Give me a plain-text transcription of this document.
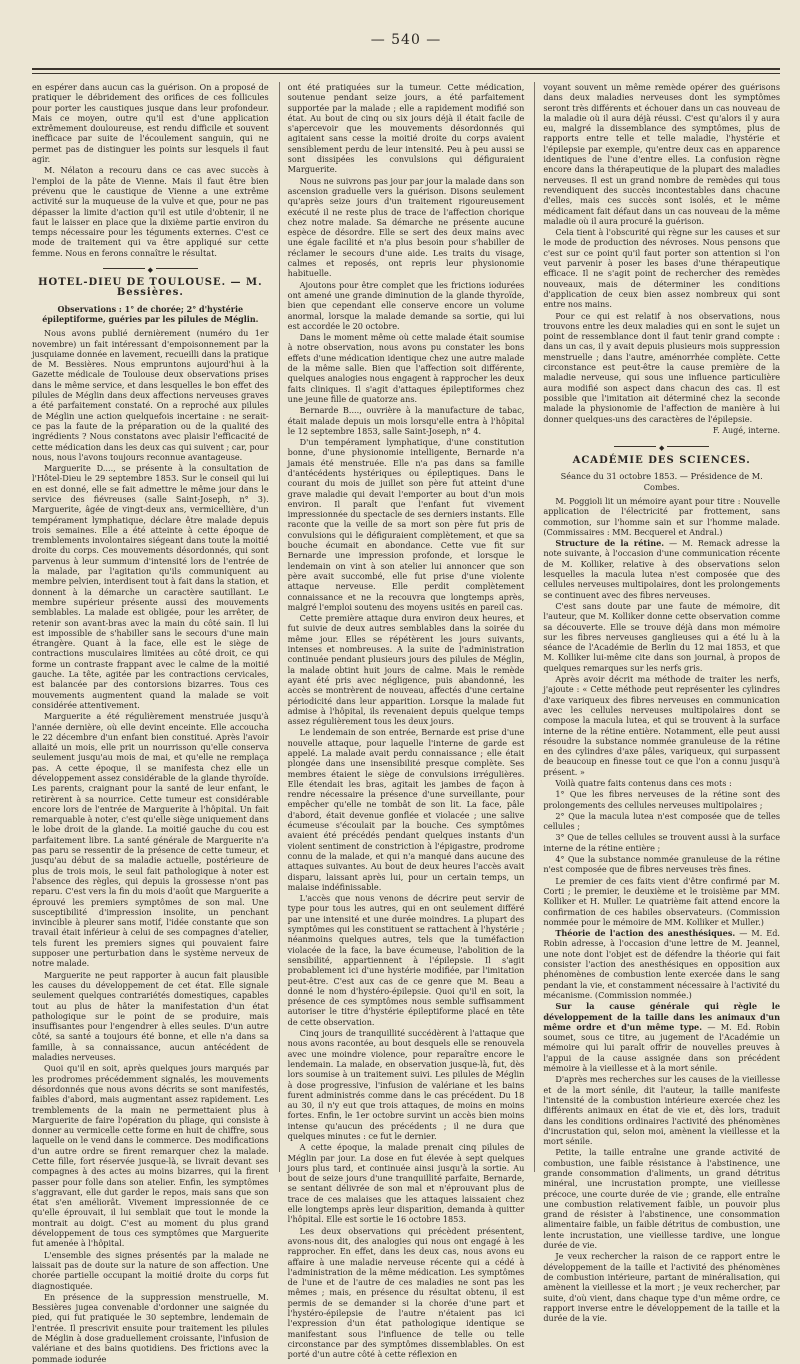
— 540 —

en espérer dans aucun cas la guérison. On a proposé de pratiquer le débridement des orifices de ces follicules pour porter les caustiques jusque dans leur profondeur. Mais ce moyen, outre qu'il est d'une application extrêmement douloureuse, est rendu difficile et souvent inefficace par suite de l'écoulement sanguin, qui ne permet pas de distinguer les points sur lesquels il faut agir.

M. Nélaton a recouru dans ce cas avec succès à l'emploi de la pâte de Vienne. Mais il faut être bien prévenu que le caustique de Vienne a une extrême activité sur la muqueuse de la vulve et que, pour ne pas dépasser la limite d'action qu'il est utile d'obtenir, il ne faut le laisser en place que la dixième partie environ du temps nécessaire pour les téguments externes. C'est ce mode de traitement qui va être appliqué sur cette femme. Nous en ferons connaître le résultat.

◆
HOTEL-DIEU DE TOULOUSE. — M. Bessières.
Observations : 1° de chorée; 2° d'hystérie épileptiforme, guéries par les pilules de Méglin.

Nous avons publié dernièrement (numéro du 1er novembre) un fait intéressant d'empoisonnement par la jusquiame donnée en lavement, recueilli dans la pratique de M. Bessières. Nous empruntons aujourd'hui à la Gazette médicale de Toulouse deux observations prises dans le même service, et dans lesquelles le bon effet des pilules de Méglin dans deux affections nerveuses graves a été parfaitement constaté. On a reproché aux pilules de Méglin une action quelquefois incertaine : ne serait-ce pas la faute de la préparation ou de la qualité des ingrédients ? Nous constatons avec plaisir l'efficacité de cette médication dans les deux cas qui suivent ; car, pour nous, nous l'avons toujours reconnue avantageuse.

Marguerite D...., se présente à la consultation de l'Hôtel-Dieu le 29 septembre 1853. Sur le conseil qui lui en est donné, elle se fait admettre le même jour dans le service des fiévreuses (salle Saint-Joseph, n° 3). Marguerite, âgée de vingt-deux ans, vermicellière, d'un tempérament lymphatique, déclare être malade depuis trois semaines. Elle a été atteinte à cette époque de tremblements involontaires siégeant dans toute la moitié droite du corps. Ces mouvements désordonnés, qui sont parvenus à leur summum d'intensité lors de l'entrée de la malade, par l'agitation qu'ils communiquent au membre pelvien, interdisent tout à fait dans la station, et donnent à la démarche un caractère sautillant. Le membre supérieur présente aussi des mouvements semblables. La malade est obligée, pour les arrêter, de retenir son avant-bras avec la main du côté sain. Il lui est impossible de s'habiller sans le secours d'une main étrangère. Quant à la face, elle est le siège de contractions musculaires limitées au côté droit, ce qui forme un contraste frappant avec le calme de la moitié gauche. La tête, agitée par les contractions cervicales, est balancée par des contorsions bizarres. Tous ces mouvements augmentent quand la malade se voit considérée attentivement.

Marguerite a été régulièrement menstruée jusqu'à l'année dernière, où elle devint enceinte. Elle accoucha le 22 décembre d'un enfant bien constitué. Après l'avoir allaité un mois, elle prit un nourrisson qu'elle conserva seulement jusqu'au mois de mai, et qu'elle ne remplaça pas. A cette époque, il se manifesta chez elle un développement assez considérable de la glande thyroïde. Les parents, craignant pour la santé de leur enfant, le retirèrent à sa nourrice. Cette tumeur est considérable encore lors de l'entrée de Marguerite à l'hôpital. Un fait remarquable à noter, c'est qu'elle siège uniquement dans le lobe droit de la glande. La moitié gauche du cou est parfaitement libre. La santé générale de Marguerite n'a pas paru se ressentir de la présence de cette tumeur, et jusqu'au début de sa maladie actuelle, postérieure de plus de trois mois, le seul fait pathologique à noter est l'absence des règles, qui depuis la grossesse n'ont pas reparu. C'est vers la fin du mois d'août que Marguerite a éprouvé les premiers symptômes de son mal. Une susceptibilité d'impression insolite, un penchant invincible à pleurer sans motif, l'idée constante que son travail était inférieur à celui de ses compagnes d'atelier, tels furent les premiers signes qui pouvaient faire supposer une perturbation dans le système nerveux de notre malade.

Marguerite ne peut rapporter à aucun fait plausible les causes du développement de cet état. Elle signale seulement quelques contrariétés domestiques, capables tout au plus de hâter la manifestation d'un état pathologique sur le point de se produire, mais insuffisantes pour l'engendrer à elles seules. D'un autre côté, sa santé a toujours été bonne, et elle n'a dans sa famille, à sa connaissance, aucun antécédent de maladies nerveuses.

Quoi qu'il en soit, après quelques jours marqués par les prodromes précédemment signalés, les mouvements désordonnés que nous avons décrits se sont manifestés, faibles d'abord, mais augmentant assez rapidement. Les tremblements de la main ne permettaient plus à Marguerite de faire l'opération du pliage, qui consiste à donner au vermicelle cette forme en huit de chiffre, sous laquelle on le vend dans le commerce. Des modifications d'un autre ordre se firent remarquer chez la malade. Cette fille, fort réservée jusque-là, se livrait devant ses compagnes à des actes au moins bizarres, qui la firent passer pour folle dans son atelier. Enfin, les symptômes s'aggravant, elle dut garder le repos, mais sans que son état s'en améliorât. Vivement impressionnée de ce qu'elle éprouvait, il lui semblait que tout le monde la montrait au doigt. C'est au moment du plus grand développement de tous ces symptômes que Marguerite fut amenée à l'hôpital.

L'ensemble des signes présentés par la malade ne laissait pas de doute sur la nature de son affection. Une chorée partielle occupant la moitié droite du corps fut diagnostiquée.

En présence de la suppression menstruelle, M. Bessières jugea convenable d'ordonner une saignée du pied, qui fut pratiquée le 30 septembre, lendemain de l'entrée. Il prescrivit ensuite pour traitement les pilules de Méglin à dose graduellement croissante, l'infusion de valériane et des bains quotidiens. Des frictions avec la pommade iodurée

ont été pratiquées sur la tumeur. Cette médication, soutenue pendant seize jours, a été parfaitement supportée par la malade ; elle a rapidement modifié son état. Au bout de cinq ou six jours déjà il était facile de s'apercevoir que les mouvements désordonnés qui agitaient sans cesse la moitié droite du corps avaient sensiblement perdu de leur intensité. Peu à peu aussi se sont dissipées les convulsions qui défiguraient Marguerite.

Nous ne suivrons pas jour par jour la malade dans son ascension graduelle vers la guérison. Disons seulement qu'après seize jours d'un traitement rigoureusement exécuté il ne reste plus de trace de l'affection chorique chez notre malade. Sa démarche ne présente aucune espèce de désordre. Elle se sert des deux mains avec une égale facilité et n'a plus besoin pour s'habiller de réclamer le secours d'une aide. Les traits du visage, calmes et reposés, ont repris leur physionomie habituelle.

Ajoutons pour être complet que les frictions iodurées ont amené une grande diminution de la glande thyroïde, bien que cependant elle conserve encore un volume anormal, lorsque la malade demande sa sortie, qui lui est accordée le 20 octobre.

Dans le moment même où cette malade était soumise à notre observation, nous avons pu constater les bons effets d'une médication identique chez une autre malade de la même salle. Bien que l'affection soit différente, quelques analogies nous engagent à rapprocher les deux faits cliniques. Il s'agit d'attaques épileptiformes chez une jeune fille de quatorze ans.

Bernarde B...., ouvrière à la manufacture de tabac, était malade depuis un mois lorsqu'elle entra à l'hôpital le 12 septembre 1853, salle Saint-Joseph, n° 4.

D'un tempérament lymphatique, d'une constitution bonne, d'une physionomie intelligente, Bernarde n'a jamais été menstruée. Elle n'a pas dans sa famille d'antécédents hystériques ou épileptiques. Dans le courant du mois de juillet son père fut atteint d'une grave maladie qui devait l'emporter au bout d'un mois environ. Il paraît que l'enfant fut vivement impressionnée du spectacle de ses derniers instants. Elle raconte que la veille de sa mort son père fut pris de convulsions qui le défiguraient complètement, et que sa bouche écumait en abondance. Cette vue fit sur Bernarde une impression profonde, et lorsque le lendemain on vint à son atelier lui annoncer que son père avait succombé, elle fut prise d'une violente attaque nerveuse. Elle perdit complètement connaissance et ne la recouvra que longtemps après, malgré l'emploi soutenu des moyens usités en pareil cas.

Cette première attaque dura environ deux heures, et fut suivie de deux autres semblables dans la soirée du même jour. Elles se répétèrent les jours suivants, intenses et nombreuses. A la suite de l'administration continuée pendant plusieurs jours des pilules de Méglin, la malade obtint huit jours de calme. Mais le remède ayant été pris avec négligence, puis abandonné, les accès se montrèrent de nouveau, affectés d'une certaine périodicité dans leur apparition. Lorsque la malade fut admise à l'hôpital, ils revenaient depuis quelque temps assez régulièrement tous les deux jours.

Le lendemain de son entrée, Bernarde est prise d'une nouvelle attaque, pour laquelle l'interne de garde est appelé. La malade avait perdu connaissance ; elle était plongée dans une insensibilité presque complète. Ses membres étaient le siège de convulsions irrégulières. Elle étendait les bras, agitait les jambes de façon à rendre nécessaire la présence d'une surveillante, pour empêcher qu'elle ne tombât de son lit. La face, pâle d'abord, était devenue gonflée et violacée ; une salive écumeuse s'écoulait par la bouche. Ces symptômes avaient été précédés pendant quelques instants d'un violent sentiment de constriction à l'épigastre, prodrome connu de la malade, et qui n'a manqué dans aucune des attaques suivantes. Au bout de deux heures l'accès avait disparu, laissant après lui, pour un certain temps, un malaise indéfinissable.

L'accès que nous venons de décrire peut servir de type pour tous les autres, qui en ont seulement différé par une intensité et une durée moindres. La plupart des symptômes qui les constituent se rattachent à l'hystérie ; néanmoins quelques autres, tels que la tuméfaction violacée de la face, la bave écumeuse, l'abolition de la sensibilité, appartiennent à l'épilepsie. Il s'agit probablement ici d'une hystérie modifiée, par l'imitation peut-être. C'est aux cas de ce genre que M. Beau a donné le nom d'hystéro-épilepsie. Quoi qu'il en soit, la présence de ces symptômes nous semble suffisamment autoriser le titre d'hystérie épileptiforme placé en tête de cette observation.

Cinq jours de tranquillité succédèrent à l'attaque que nous avons racontée, au bout desquels elle se renouvela avec une moindre violence, pour reparaître encore le lendemain. La malade, en observation jusque-là, fut, dès lors soumise à un traitement suivi. Les pilules de Méglin à dose progressive, l'infusion de valériane et les bains furent administrés comme dans le cas précédent. Du 18 au 30, il n'y eut que trois attaques, de moins en moins fortes. Enfin, le 1er octobre survint un accès bien moins intense qu'aucun des précédents ; il ne dura que quelques minutes : ce fut le dernier.

A cette époque, la malade prenait cinq pilules de Méglin par jour. La dose en fut élevée à sept quelques jours plus tard, et continuée ainsi jusqu'à la sortie. Au bout de seize jours d'une tranquillité parfaite, Bernarde, se sentant délivrée de son mal et n'éprouvant plus de trace de ces malaises que les attaques laissaient chez elle longtemps après leur disparition, demanda à quitter l'hôpital. Elle est sortie le 16 octobre 1853.

Les deux observations qui précèdent présentent, avons-nous dit, des analogies qui nous ont engagé à les rapprocher. En effet, dans les deux cas, nous avons eu affaire à une maladie nerveuse récente qui a cédé à l'administration de la même médication. Les symptômes de l'une et de l'autre de ces maladies ne sont pas les mêmes ; mais, en présence du résultat obtenu, il est permis de se demander si la chorée d'une part et l'hystéro-épilepsie de l'autre n'étaient pas ici l'expression d'un état pathologique identique se manifestant sous l'influence de telle ou telle circonstance par des symptômes dissemblables. On est porté d'un autre côté à cette réflexion en

voyant souvent un même remède opérer des guérisons dans deux maladies nerveuses dont les symptômes seront très différents et échouer dans un cas nouveau de la maladie où il aura déjà réussi. C'est qu'alors il y aura eu, malgré la dissemblance des symptômes, plus de rapports entre telle et telle maladie, l'hystérie et l'épilepsie par exemple, qu'entre deux cas en apparence identiques de l'une d'entre elles. La confusion règne encore dans la thérapeutique de la plupart des maladies nerveuses. Il est un grand nombre de remèdes qui tous revendiquent des succès incontestables dans chacune d'elles, mais ces succès sont isolés, et le même médicament fait défaut dans un cas nouveau de la même maladie où il aura procuré la guérison.

Cela tient à l'obscurité qui règne sur les causes et sur le mode de production des névroses. Nous pensons que c'est sur ce point qu'il faut porter son attention si l'on veut parvenir à poser les bases d'une thérapeutique efficace. Il ne s'agit point de rechercher des remèdes nouveaux, mais de déterminer les conditions d'application de ceux bien assez nombreux qui sont entre nos mains.

Pour ce qui est relatif à nos observations, nous trouvons entre les deux maladies qui en sont le sujet un point de ressemblance dont il faut tenir grand compte : dans un cas, il y avait depuis plusieurs mois suppression menstruelle ; dans l'autre, aménorrhée complète. Cette circonstance est peut-être la cause première de la maladie nerveuse, qui sous une influence particulière aura modifié son aspect dans chacun des cas. Il est possible que l'imitation ait déterminé chez la seconde malade la physionomie de l'affection de manière à lui donner quelques-uns des caractères de l'épilepsie.

F. Augé, interne.
◆
ACADÉMIE DES SCIENCES.
Séance du 31 octobre 1853. — Présidence de M. Combes.

M. Poggioli lit un mémoire ayant pour titre : Nouvelle application de l'électricité par frottement, sans commotion, sur l'homme sain et sur l'homme malade. (Commissaires : MM. Becquerel et Andral.)

Structure de la rétine. — M. Remack adresse la note suivante, à l'occasion d'une communication récente de M. Kolliker, relative à des observations selon lesquelles la macula lutea n'est composée que des cellules nerveuses multipolaires, dont les prolongements se continuent avec des fibres nerveuses.

C'est sans doute par une faute de mémoire, dit l'auteur, que M. Kolliker donne cette observation comme sa découverte. Elle se trouve déjà dans mon mémoire sur les fibres nerveuses ganglieuses qui a été lu à la séance de l'Académie de Berlin du 12 mai 1853, et que M. Kolliker lui-même cite dans son journal, à propos de quelques remarques sur les nerfs gris.

Après avoir décrit ma méthode de traiter les nerfs, j'ajoute : « Cette méthode peut représenter les cylindres d'axe variqueux des fibres nerveuses en communication avec les cellules nerveuses multipolaires dont se compose la macula lutea, et qui se trouvent à la surface interne de la rétine entière. Notamment, elle peut aussi résoudre la substance nommée granuleuse de la rétine en des cylindres d'axe pâles, variqueux, qui surpassent de beaucoup en finesse tout ce que l'on a connu jusqu'à présent. »

Voilà quatre faits contenus dans ces mots :

1° Que les fibres nerveuses de la rétine sont des prolongements des cellules nerveuses multipolaires ;

2° Que la macula lutea n'est composée que de telles cellules ;

3° Que de telles cellules se trouvent aussi à la surface interne de la rétine entière ;

4° Que la substance nommée granuleuse de la rétine n'est composée que de fibres nerveuses très fines.

Le premier de ces faits vient d'être confirmé par M. Corti ; le premier, le deuxième et le troisième par MM. Kolliker et H. Muller. Le quatrième fait attend encore la confirmation de ces habiles observateurs. (Commission nommée pour le mémoire de MM. Kolliker et Muller.)

Théorie de l'action des anesthésiques. — M. Ed. Robin adresse, à l'occasion d'une lettre de M. Jeannel, une note dont l'objet est de défendre la théorie qui fait consister l'action des anesthésiques en opposition aux phénomènes de combustion lente exercée dans le sang pendant la vie, et constamment nécessaire à l'activité du mécanisme. (Commission nommée.)

Sur la cause générale qui règle le développement de la taille dans les animaux d'un même ordre et d'un même type. — M. Ed. Robin soumet, sous ce titre, au jugement de l'Académie un mémoire qui lui paraît offrir de nouvelles preuves à l'appui de la cause assignée dans son précédent mémoire à la vieillesse et à la mort sénile.

D'après mes recherches sur les causes de la vieillesse et de la mort sénile, dit l'auteur, la taille manifeste l'intensité de la combustion intérieure exercée chez les différents animaux en état de vie et, dès lors, traduit dans les conditions ordinaires l'activité des phénomènes d'incrustation qui, selon moi, amènent la vieillesse et la mort sénile.

Petite, la taille entraîne une grande activité de combustion, une faible résistance à l'abstinence, une grande consommation d'aliments, un grand détritus minéral, une incrustation prompte, une vieillesse précoce, une courte durée de vie ; grande, elle entraîne une combustion relativement faible, un pouvoir plus grand de résister à l'abstinence, une consommation alimentaire faible, un faible détritus de combustion, une lente incrustation, une vieillesse tardive, une longue durée de vie.

Je veux rechercher la raison de ce rapport entre le développement de la taille et l'activité des phénomènes de combustion intérieure, partant de minéralisation, qui amènent la vieillesse et la mort ; je veux rechercher, par suite, d'où vient, dans chaque type d'un même ordre, ce rapport inverse entre le développement de la taille et la durée de la vie.
